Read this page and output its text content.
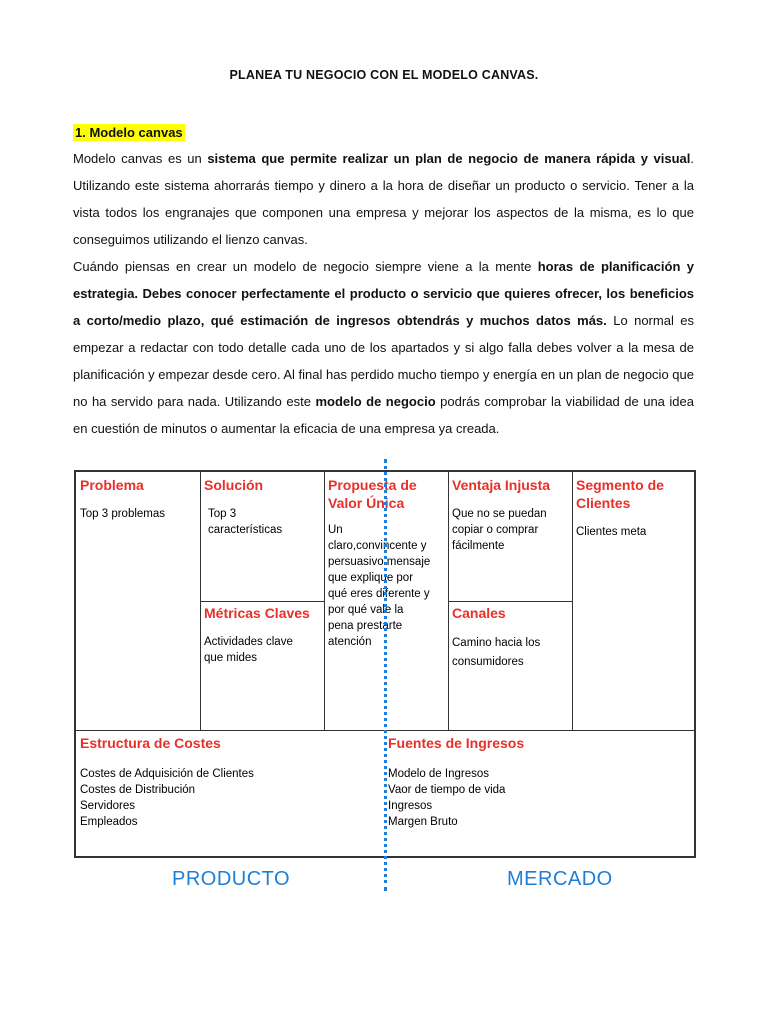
PLANEA TU NEGOCIO CON EL MODELO CANVAS.
1. Modelo canvas

Modelo canvas es un sistema que permite realizar un plan de negocio de manera rápida y visual. Utilizando este sistema ahorrarás tiempo y dinero a la hora de diseñar un producto o servicio. Tener a la vista todos los engranajes que componen una empresa y mejorar los aspectos de la misma, es lo que conseguimos utilizando el lienzo canvas.

Cuándo piensas en crear un modelo de negocio siempre viene a la mente horas de planificación y estrategia. Debes conocer perfectamente el producto o servicio que quieres ofrecer, los beneficios a corto/medio plazo, qué estimación de ingresos obtendrás y muchos datos más. Lo normal es empezar a redactar con todo detalle cada uno de los apartados y si algo falla debes volver a la mesa de planificación y empezar desde cero. Al final has perdido mucho tiempo y energía en un plan de negocio que no ha servido para nada. Utilizando este modelo de negocio podrás comprobar la viabilidad de una idea en cuestión de minutos o aumentar la eficacia de una empresa ya creada.

Problema
Top 3 problemas
Solución
Top 3 características
Métricas Claves
Actividades clave que mides
Propuesta de Valor Única
Un claro,convincente y persuasivo mensaje que explique por qué eres diferente y por qué vale la pena prestarte atención
Ventaja Injusta
Que no se puedan copiar o comprar fácilmente
Canales
Camino hacia los consumidores
Segmento de Clientes
Clientes meta
Estructura de Costes
Costes de Adquisición de Clientes
Costes de Distribución
Servidores
Empleados
Fuentes de Ingresos
Modelo de Ingresos
Vaor de tiempo de vida
Ingresos
Margen Bruto
PRODUCTO	MERCADO
